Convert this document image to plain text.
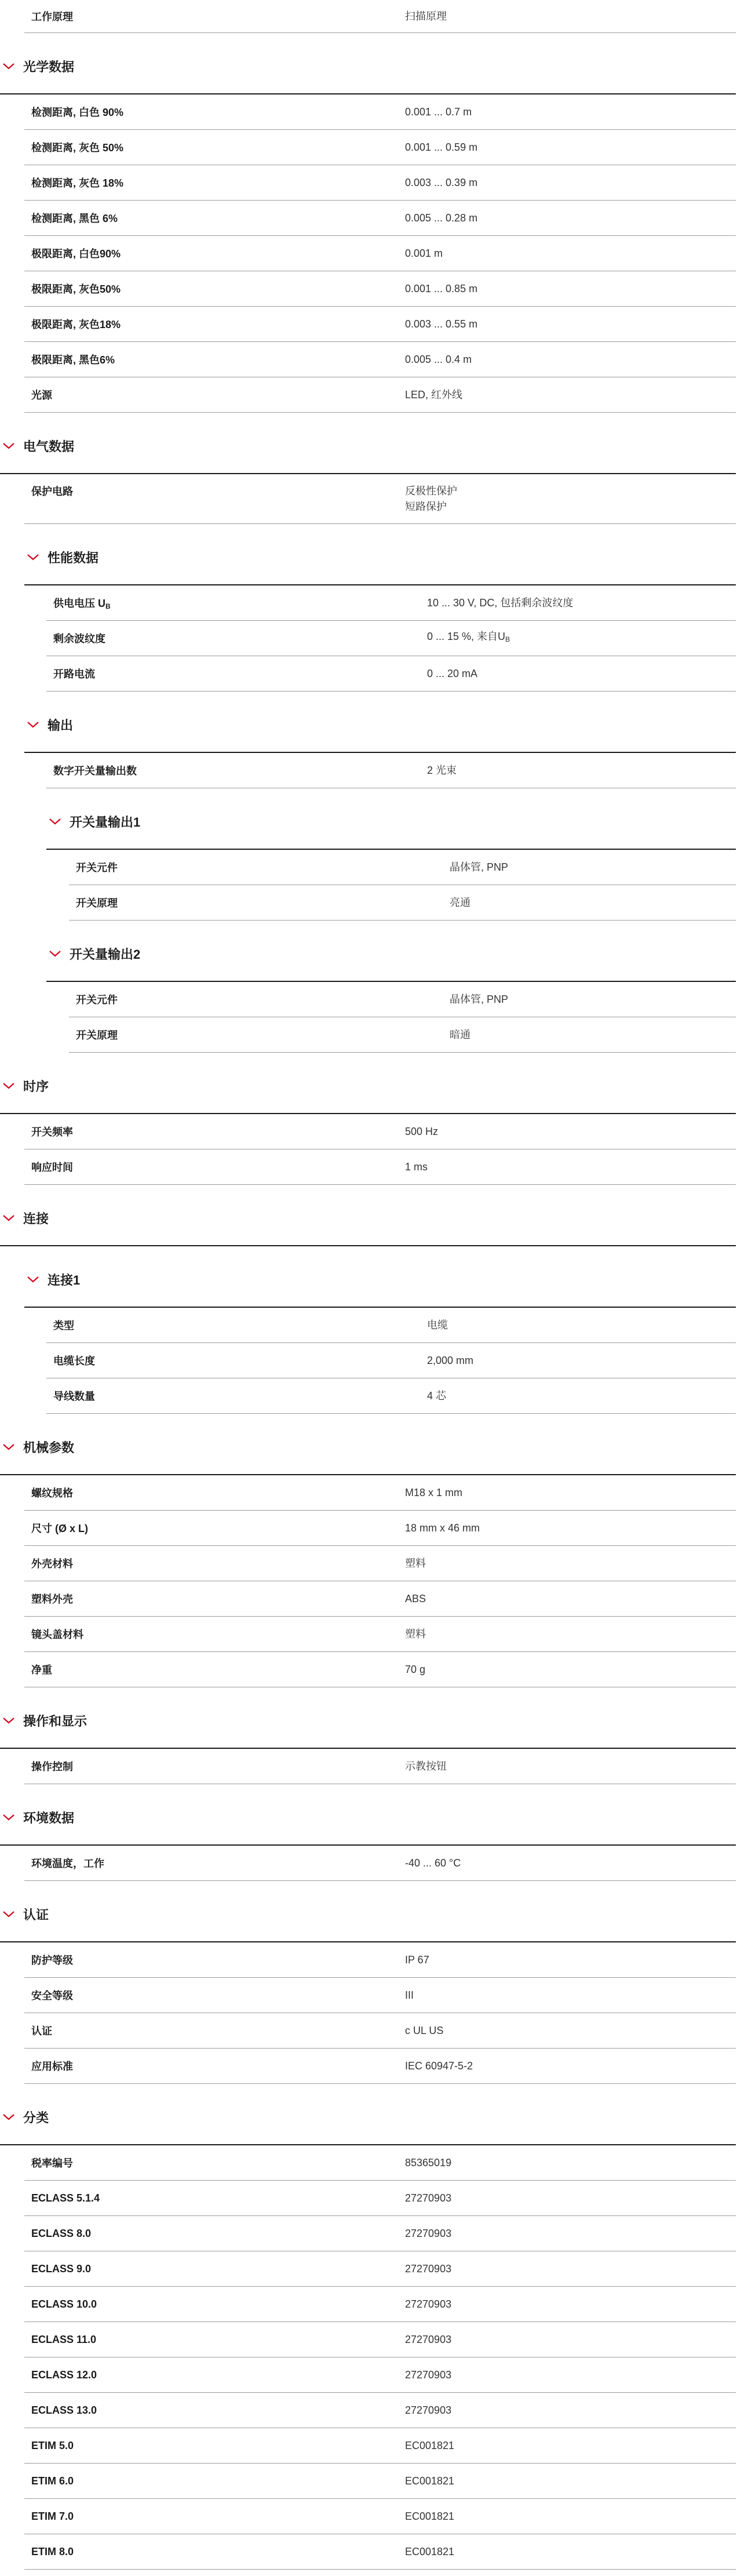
工作原理	扫描原理
光学数据
检测距离, 白色 90%	0.001 ... 0.7 m
检测距离, 灰色 50%	0.001 ... 0.59 m
检测距离, 灰色 18%	0.003 ... 0.39 m
检测距离, 黑色 6%	0.005 ... 0.28 m
极限距离, 白色90%	0.001 m
极限距离, 灰色50%	0.001 ... 0.85 m
极限距离, 灰色18%	0.003 ... 0.55 m
极限距离, 黑色6%	0.005 ... 0.4 m
光源	LED, 红外线
电气数据
保护电路	反极性保护
短路保护
性能数据
供电电压 $U_B$	10 ... 30 V, DC, 包括剩余波纹度
剩余波纹度	0 ... 15 %, 来自$U_B$
开路电流	0 ... 20 mA
输出
数字开关量输出数	2 光束
开关量输出1
开关元件	晶体管, PNP
开关原理	亮通
开关量输出2
开关元件	晶体管, PNP
开关原理	暗通
时序
开关频率	500 Hz
响应时间	1 ms
连接
连接1
类型	电缆
电缆长度	2,000 mm
导线数量	4 芯
机械参数
螺纹规格	M18 x 1 mm
尺寸 (Ø x L)	18 mm x 46 mm
外壳材料	塑料
塑料外壳	ABS
镜头盖材料	塑料
净重	70 g
操作和显示
操作控制	示教按钮
环境数据
环境温度，工作	-40 ... 60 °C
认证
防护等级	IP 67
安全等级	III
认证	c UL US
应用标准	IEC 60947-5-2
分类
税率编号	85365019
ECLASS 5.1.4	27270903
ECLASS 8.0	27270903
ECLASS 9.0	27270903
ECLASS 10.0	27270903
ECLASS 11.0	27270903
ECLASS 12.0	27270903
ECLASS 13.0	27270903
ETIM 5.0	EC001821
ETIM 6.0	EC001821
ETIM 7.0	EC001821
ETIM 8.0	EC001821
